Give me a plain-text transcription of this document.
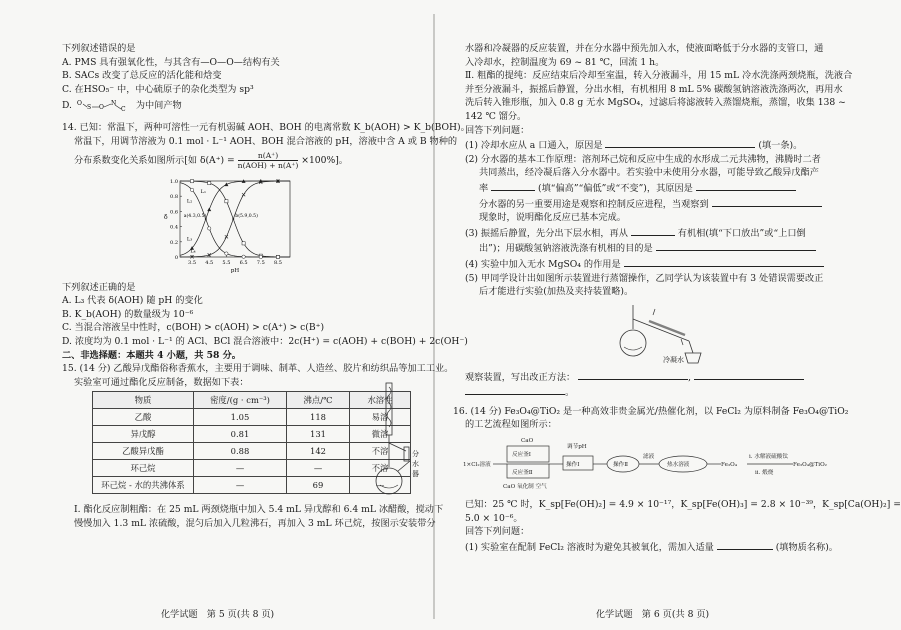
下列叙述错误的是
A. PMS 具有强氧化性，与其含有—O—O—结构有关
B. SACs 改变了总反应的活化能和焓变
C. 在HSO₅⁻ 中，中心硫原子的杂化类型为 sp³
D. O
S O
N
C 为中间产物
14. 已知：常温下，两种可溶性一元有机弱碱 AOH、BOH 的电离常数 K_b(AOH) > K_b(BOH)。
常温下，用调节溶液为 0.1 mol · L⁻¹ AOH、BOH 混合溶液的 pH，溶液中含 A 或 B 物种的
分布系数变化关系如图所示[如 $\delta(A^+) = \frac{n(A^+)}{\text{n(AOH) + n(A⁺)}} \times 100\%$]。
0
0.2
0.4
0.6
0.8
1.0
3.5 4.5 5.5 6.5 7.5 8.5
pH
δ
L₁
L₂
L₃
L₄
a(4.3,0.5)	b(5.9,0.5)
下列叙述正确的是
A. L₃ 代表 δ(AOH) 随 pH 的变化
B. K_b(AOH) 的数量级为 10⁻⁶
C. 当混合溶液呈中性时，c(BOH) > c(AOH) > c(A⁺) > c(B⁺)
D. 浓度均为 0.1 mol · L⁻¹ 的 ACl、BCl 混合溶液中：2c(H⁺) = c(AOH) + c(BOH) + 2c(OH⁻)
二、非选择题：本题共 4 小题，共 58 分。
15. (14 分) 乙酸异戊酯俗称香蕉水，主要用于调味、制革、人造丝、胶片和纺织品等加工工业。
实验室可通过酯化反应制备，数据如下表：
物质	密度/(g · cm⁻³)	沸点/℃	水溶性
乙酸	1.05	118	易溶
异戊醇	0.81	131	微溶
乙酸异戊酯	0.88	142	不溶
环己烷	—	—	不溶
环己烷 - 水的共沸体系	—	69	—
分水器
Ⅰ. 酯化反应制粗酯：在 25 mL 两颈烧瓶中加入 5.4 mL 异戊醇和 6.4 mL 冰醋酸，搅动下
慢慢加入 1.3 mL 浓硫酸，混匀后加入几粒沸石，再加入 3 mL 环己烷，按图示安装带分
化学试题　第 5 页(共 8 页)
水器和冷凝器的反应装置，并在分水器中预先加入水，使液面略低于分水器的支管口，通
入冷却水，控制温度为 69 ~ 81 ℃，回流 1 h。
Ⅱ. 粗酯的提纯：反应结束后冷却至室温，转入分液漏斗，用 15 mL 冷水洗涤两颈烧瓶，洗液合
并至分液漏斗，振摇后静置，分出水相，有机相用 8 mL 5% 碳酸氢钠溶液洗涤两次，再用水
洗后转入锥形瓶，加入 0.8 g 无水 MgSO₄，过滤后将滤液转入蒸馏烧瓶，蒸馏，收集 138 ~
142 ℃ 馏分。
回答下列问题：
(1) 冷却水应从 a 口通入，原因是	(填一条)。
(2) 分水器的基本工作原理：溶剂环己烷和反应中生成的水形成二元共沸物，沸腾时二者
共同蒸出，经冷凝后落入分水器中。若实验中未使用分水器，可能导致乙酸异戊酯产
率	(填“偏高”“偏低”或“不变”)，其原因是
分水器的另一重要用途是观察和控制反应进程，当观察到
现象时，说明酯化反应已基本完成。
(3) 振摇后静置，先分出下层水相，再从	有机相(填“下口放出”或“上口倒
出”)；用碳酸氢钠溶液洗涤有机相的目的是
(4) 实验中加入无水 MgSO₄ 的作用是
(5) 甲同学设计出如图所示装置进行蒸馏操作，乙同学认为该装置中有 3 处错误需要改正
后才能进行实验(加热及夹持装置略)。
冷凝水
观察装置，写出改正方法：	,
。
16. (14 分) Fe₃O₄@TiO₂ 是一种高效非贵金属光/热催化剂，以 FeCl₂ 为原料制备 Fe₃O₄@TiO₂
的工艺流程如图所示：
1×Cl₂溶液
反应釜Ⅰ
反应釜Ⅱ
CaO
CaO 氧化制 空气
操作Ⅰ
调节pH
操作Ⅱ
滤液
热水溶液	Fe₃O₄
ⅰ. 水解液硫酸钛
ⅱ. 煅烧
Fe₃O₄@TiO₂
已知：25 ℃ 时，K_sp[Fe(OH)₂] = 4.9 × 10⁻¹⁷，K_sp[Fe(OH)₃] = 2.8 × 10⁻³⁹，K_sp[Ca(OH)₂] =
5.0 × 10⁻⁶。
回答下列问题：
(1) 实验室在配制 FeCl₂ 溶液时为避免其被氧化，需加入适量	(填物质名称)。
化学试题　第 6 页(共 8 页)
